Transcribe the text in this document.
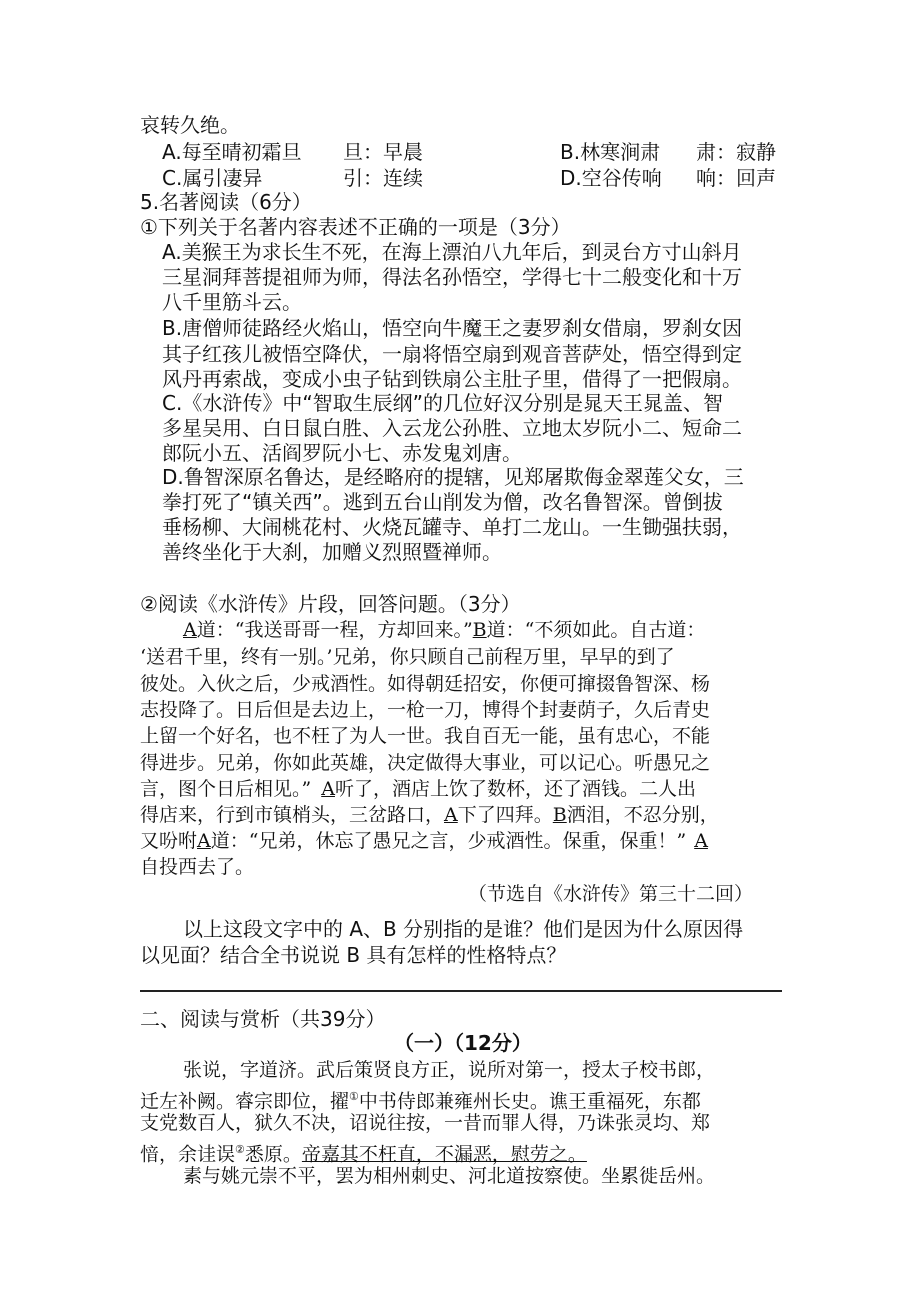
哀转久绝。
A.每至晴初霜旦 旦：早晨	B.林寒涧肃 肃：寂静
C.属引凄异	引：连续	D.空谷传响 响：回声
5.名著阅读（6分）
①下列关于名著内容表述不正确的一项是（3分）
A.美猴王为求长生不死，在海上漂泊八九年后，到灵台方寸山斜月
三星洞拜菩提祖师为师，得法名孙悟空，学得七十二般变化和十万
八千里筋斗云。
B.唐僧师徒路经火焰山，悟空向牛魔王之妻罗刹女借扇，罗刹女因
其子红孩儿被悟空降伏，一扇将悟空扇到观音菩萨处，悟空得到定
风丹再索战，变成小虫子钻到铁扇公主肚子里，借得了一把假扇。
C.《水浒传》中“智取生辰纲”的几位好汉分别是晁天王晁盖、智
多星吴用、白日鼠白胜、入云龙公孙胜、立地太岁阮小二、短命二
郎阮小五、活阎罗阮小七、赤发鬼刘唐。
D.鲁智深原名鲁达，是经略府的提辖，见郑屠欺侮金翠莲父女，三
拳打死了“镇关西”。逃到五台山削发为僧，改名鲁智深。曾倒拔
垂杨柳、大闹桃花村、火烧瓦罐寺、单打二龙山。一生锄强扶弱，
善终坐化于大刹，加赠义烈照暨禅师。
②阅读《水浒传》片段，回答问题。（3分）
A道：“我送哥哥一程，方却回来。”B道：“不须如此。自古道：
‘送君千里，终有一别。’兄弟，你只顾自己前程万里，早早的到了
彼处。入伙之后，少戒酒性。如得朝廷招安，你便可撺掇鲁智深、杨
志投降了。日后但是去边上，一枪一刀，博得个封妻荫子，久后青史
上留一个好名，也不枉了为人一世。我自百无一能，虽有忠心，不能
得进步。兄弟，你如此英雄，决定做得大事业，可以记心。听愚兄之
言，图个日后相见。” A听了，酒店上饮了数杯，还了酒钱。二人出
得店来，行到市镇梢头，三岔路口，A下了四拜。B洒泪，不忍分别，
又吩咐A道：“兄弟，休忘了愚兄之言，少戒酒性。保重，保重！” A
自投西去了。
（节选自《水浒传》第三十二回）
以上这段文字中的 A、B 分别指的是谁？他们是因为什么原因得
以见面？结合全书说说 B 具有怎样的性格特点？
二、阅读与赏析（共39分）
（一）（12分）
张说，字道济。武后策贤良方正，说所对第一，授太子校书郎，
迁左补阙。睿宗即位，擢①中书侍郎兼雍州长史。谯王重福死，东都
支党数百人，狱久不决，诏说往按，一昔而罪人得，乃诛张灵均、郑
愔，余诖误②悉原。帝嘉其不枉直，不漏恶，慰劳之。
素与姚元崇不平，罢为相州刺史、河北道按察使。坐累徙岳州。
